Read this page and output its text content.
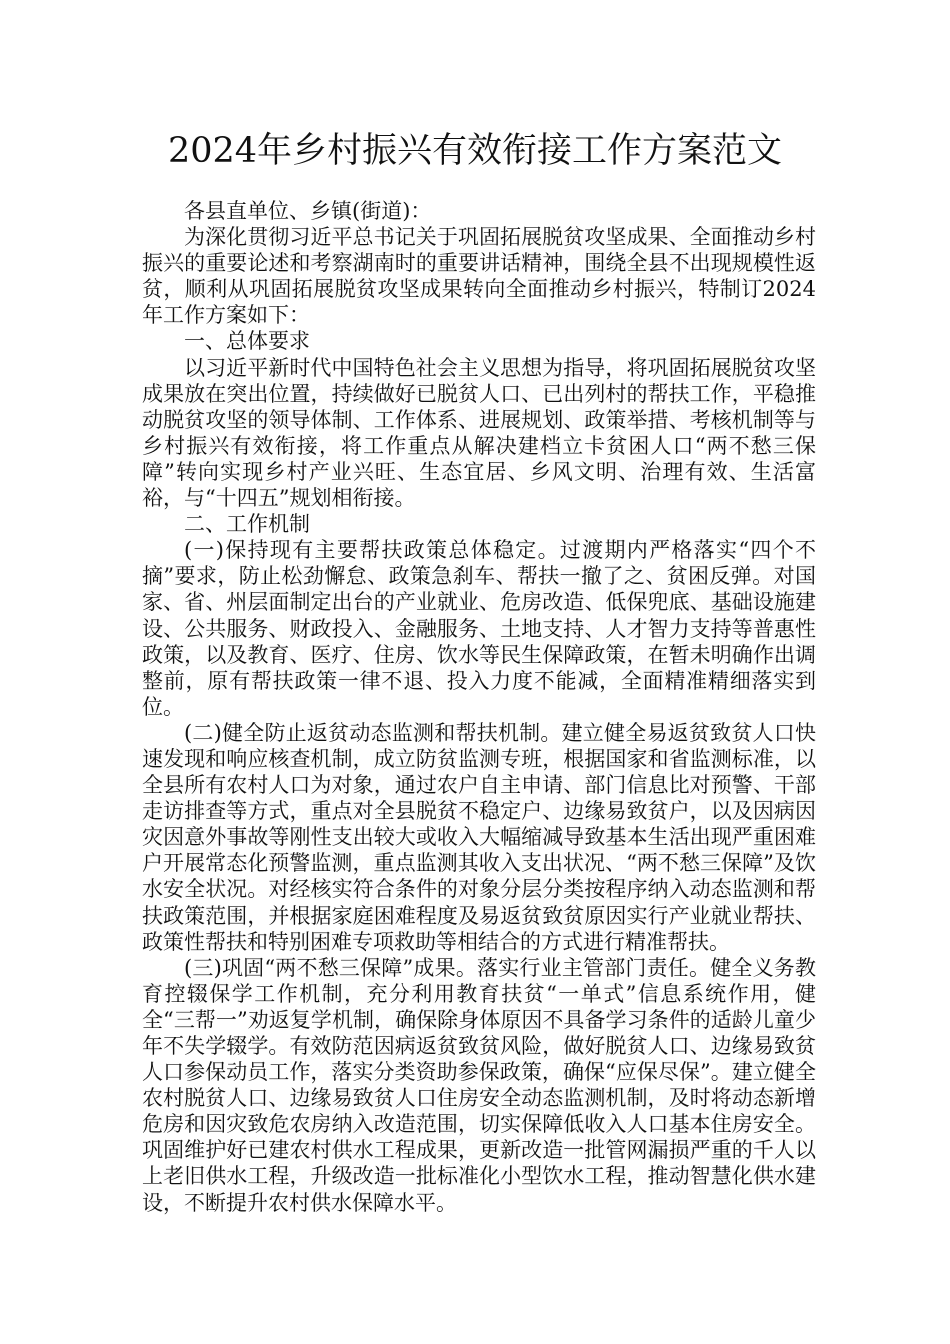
2024年乡村振兴有效衔接工作方案范文

各县直单位、乡镇(街道)：

为深化贯彻习近平总书记关于巩固拓展脱贫攻坚成果、全面推动乡村振兴的重要论述和考察湖南时的重要讲话精神，围绕全县不出现规模性返贫，顺利从巩固拓展脱贫攻坚成果转向全面推动乡村振兴，特制订2024年工作方案如下：

一、总体要求

以习近平新时代中国特色社会主义思想为指导，将巩固拓展脱贫攻坚成果放在突出位置，持续做好已脱贫人口、已出列村的帮扶工作，平稳推动脱贫攻坚的领导体制、工作体系、进展规划、政策举措、考核机制等与乡村振兴有效衔接，将工作重点从解决建档立卡贫困人口“两不愁三保障”转向实现乡村产业兴旺、生态宜居、乡风文明、治理有效、生活富裕，与“十四五”规划相衔接。

二、工作机制

(一)保持现有主要帮扶政策总体稳定。过渡期内严格落实“四个不摘”要求，防止松劲懈怠、政策急刹车、帮扶一撤了之、贫困反弹。对国家、省、州层面制定出台的产业就业、危房改造、低保兜底、基础设施建设、公共服务、财政投入、金融服务、土地支持、人才智力支持等普惠性政策，以及教育、医疗、住房、饮水等民生保障政策，在暂未明确作出调整前，原有帮扶政策一律不退、投入力度不能减，全面精准精细落实到位。

(二)健全防止返贫动态监测和帮扶机制。建立健全易返贫致贫人口快速发现和响应核查机制，成立防贫监测专班，根据国家和省监测标准，以全县所有农村人口为对象，通过农户自主申请、部门信息比对预警、干部走访排查等方式，重点对全县脱贫不稳定户、边缘易致贫户，以及因病因灾因意外事故等刚性支出较大或收入大幅缩减导致基本生活出现严重困难户开展常态化预警监测，重点监测其收入支出状况、“两不愁三保障”及饮水安全状况。对经核实符合条件的对象分层分类按程序纳入动态监测和帮扶政策范围，并根据家庭困难程度及易返贫致贫原因实行产业就业帮扶、政策性帮扶和特别困难专项救助等相结合的方式进行精准帮扶。

(三)巩固“两不愁三保障”成果。落实行业主管部门责任。健全义务教育控辍保学工作机制，充分利用教育扶贫“一单式”信息系统作用，健全“三帮一”劝返复学机制，确保除身体原因不具备学习条件的适龄儿童少年不失学辍学。有效防范因病返贫致贫风险，做好脱贫人口、边缘易致贫人口参保动员工作，落实分类资助参保政策，确保“应保尽保”。建立健全农村脱贫人口、边缘易致贫人口住房安全动态监测机制，及时将动态新增危房和因灾致危农房纳入改造范围，切实保障低收入人口基本住房安全。巩固维护好已建农村供水工程成果，更新改造一批管网漏损严重的千人以上老旧供水工程，升级改造一批标准化小型饮水工程，推动智慧化供水建设，不断提升农村供水保障水平。
